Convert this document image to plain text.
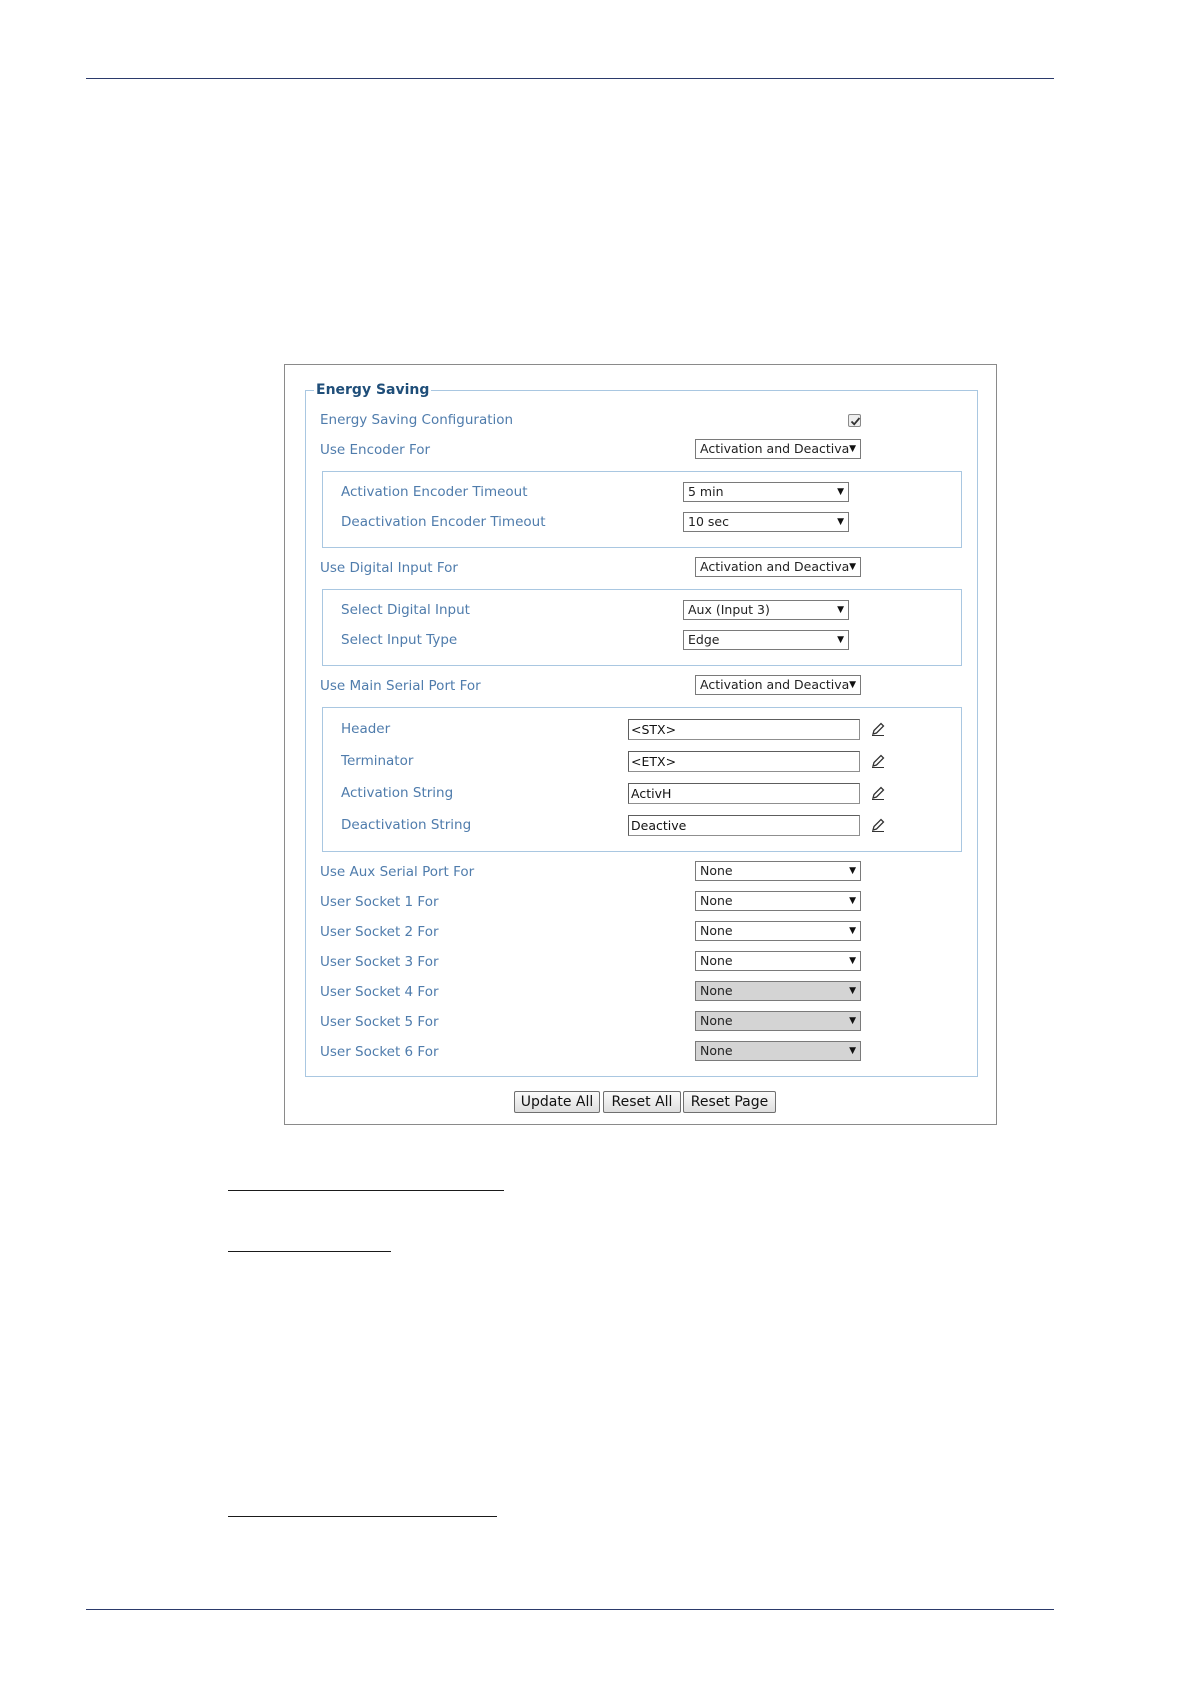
Energy Saving
Energy Saving Configuration
Use Encoder For	Activation and Deactiva ▼
Activation Encoder Timeout	5 min	▼
Deactivation Encoder Timeout	10 sec	▼
Use Digital Input For	Activation and Deactiva ▼
Select Digital Input	Aux (Input 3)	▼
Select Input Type	Edge	▼
Use Main Serial Port For	Activation and Deactiva ▼
Header	<STX>
Terminator	<ETX>
Activation String	ActivH
Deactivation String	Deactive
Use Aux Serial Port For	None	▼
User Socket 1 For	None	▼
User Socket 2 For	None	▼
User Socket 3 For	None	▼
User Socket 4 For	None	▼
User Socket 5 For	None	▼
User Socket 6 For	None	▼
Update All	Reset All	Reset Page
